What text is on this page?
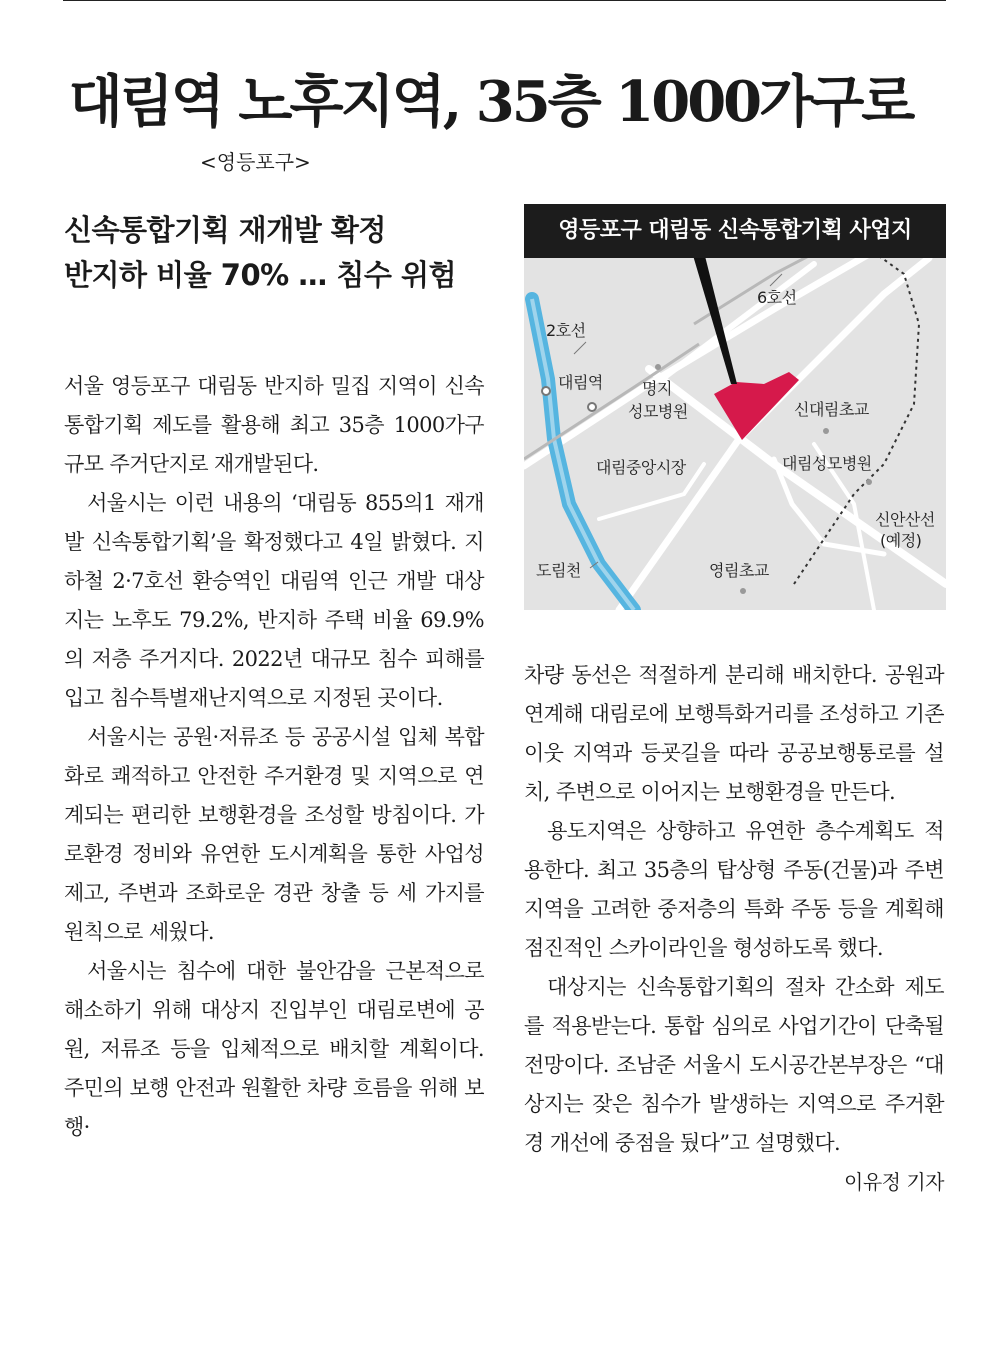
대림역 노후지역, 35층 1000가구로
<영등포구>
신속통합기획 재개발 확정
반지하 비율 70% … 침수 위험
영등포구 대림동 신속통합기획 사업지
6호선
2호선
대림역 명지
성모병원	신대림초교
대림중앙시장	대림성모병원
신안산선
(예정)
도림천	영림초교

서울 영등포구 대림동 반지하 밀집 지역이 신속통합기획 제도를 활용해 최고 35층 1000가구 규모 주거단지로 재개발된다.

서울시는 이런 내용의 ‘대림동 855의1 재개발 신속통합기획’을 확정했다고 4일 밝혔다. 지하철 2·7호선 환승역인 대림역 인근 개발 대상지는 노후도 79.2%, 반지하 주택 비율 69.9%의 저층 주거지다. 2022년 대규모 침수 피해를 입고 침수특별재난지역으로 지정된 곳이다.

서울시는 공원·저류조 등 공공시설 입체 복합화로 쾌적하고 안전한 주거환경 및 지역으로 연계되는 편리한 보행환경을 조성할 방침이다. 가로환경 정비와 유연한 도시계획을 통한 사업성 제고, 주변과 조화로운 경관 창출 등 세 가지를 원칙으로 세웠다.

서울시는 침수에 대한 불안감을 근본적으로 해소하기 위해 대상지 진입부인 대림로변에 공원, 저류조 등을 입체적으로 배치할 계획이다. 주민의 보행 안전과 원활한 차량 흐름을 위해 보행·

차량 동선은 적절하게 분리해 배치한다. 공원과 연계해 대림로에 보행특화거리를 조성하고 기존 이웃 지역과 등굣길을 따라 공공보행통로를 설치, 주변으로 이어지는 보행환경을 만든다.

용도지역은 상향하고 유연한 층수계획도 적용한다. 최고 35층의 탑상형 주동(건물)과 주변 지역을 고려한 중저층의 특화 주동 등을 계획해 점진적인 스카이라인을 형성하도록 했다.

대상지는 신속통합기획의 절차 간소화 제도를 적용받는다. 통합 심의로 사업기간이 단축될 전망이다. 조남준 서울시 도시공간본부장은 “대상지는 잦은 침수가 발생하는 지역으로 주거환경 개선에 중점을 뒀다”고 설명했다.
이유정 기자
